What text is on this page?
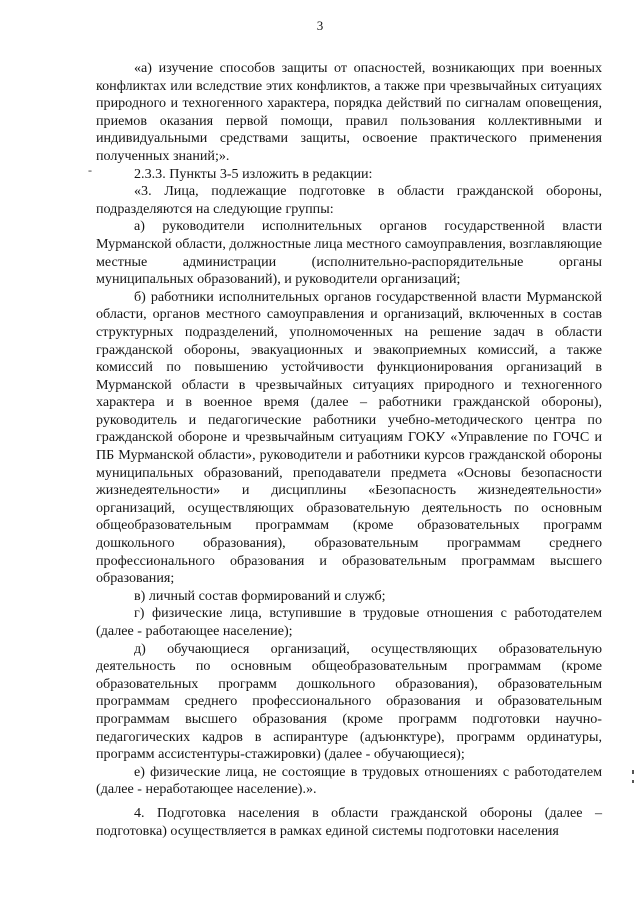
3
-

«а) изучение способов защиты от опасностей, возникающих при военных конфликтах или вследствие этих конфликтов, а также при чрезвычайных ситуациях природного и техногенного характера, порядка действий по сигналам оповещения, приемов оказания первой помощи, правил пользования коллективными и индивидуальными средствами защиты, освоение практического применения полученных знаний;».

2.3.3. Пункты 3-5 изложить в редакции:

«3. Лица, подлежащие подготовке в области гражданской обороны, подразделяются на следующие группы:

а) руководители исполнительных органов государственной власти Мурманской области, должностные лица местного самоуправления, возглавляющие местные администрации (исполнительно-распорядительные органы муниципальных образований), и руководители организаций;

б) работники исполнительных органов государственной власти Мурманской области, органов местного самоуправления и организаций, включенных в состав структурных подразделений, уполномоченных на решение задач в области гражданской обороны, эвакуационных и эвакоприемных комиссий, а также комиссий по повышению устойчивости функционирования организаций в Мурманской области в чрезвычайных ситуациях природного и техногенного характера и в военное время (далее – работники гражданской обороны), руководитель и педагогические работники учебно-методического центра по гражданской обороне и чрезвычайным ситуациям ГОКУ «Управление по ГОЧС и ПБ Мурманской области», руководители и работники курсов гражданской обороны муниципальных образований, преподаватели предмета «Основы безопасности жизнедеятельности» и дисциплины «Безопасность жизнедеятельности» организаций, осуществляющих образовательную деятельность по основным общеобразовательным программам (кроме образовательных программ дошкольного образования), образовательным программам среднего профессионального образования и образовательным программам высшего образования;

в) личный состав формирований и служб;

г) физические лица, вступившие в трудовые отношения с работодателем (далее - работающее население);

д) обучающиеся организаций, осуществляющих образовательную деятельность по основным общеобразовательным программам (кроме образовательных программ дошкольного образования), образовательным программам среднего профессионального образования и образовательным программам высшего образования (кроме программ подготовки научно-педагогических кадров в аспирантуре (адъюнктуре), программ ординатуры, программ ассистентуры-стажировки) (далее - обучающиеся);

е) физические лица, не состоящие в трудовых отношениях с работодателем (далее - неработающее население).».

4. Подготовка населения в области гражданской обороны (далее – подготовка) осуществляется в рамках единой системы подготовки населения
